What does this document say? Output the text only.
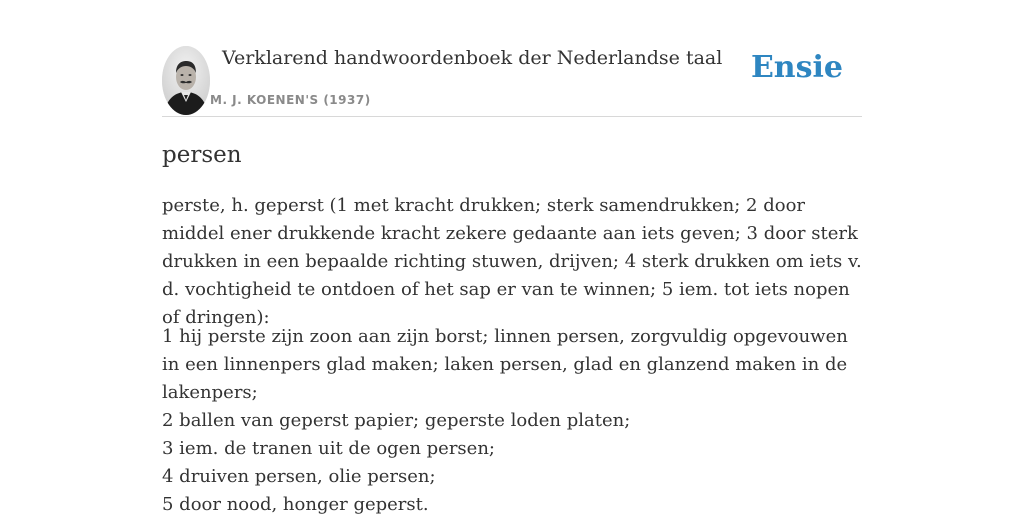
Verklarend handwoordenboek der Nederlandse taal
M. J. KOENEN'S (1937)
Ensie
persen

perste, h. geperst (1 met kracht drukken; sterk samendrukken; 2 door middel ener drukkende kracht zekere gedaante aan iets geven; 3 door sterk drukken in een bepaalde richting stuwen, drijven; 4 sterk drukken om iets v. d. vochtigheid te ontdoen of het sap er van te winnen; 5 iem. tot iets nopen of dringen):

1 hij perste zijn zoon aan zijn borst; linnen persen, zorgvuldig opgevouwen in een linnenpers glad maken; laken persen, glad en glanzend maken in de lakenpers;
2 ballen van geperst papier; geperste loden platen;
3 iem. de tranen uit de ogen persen;
4 druiven persen, olie persen;
5 door nood, honger geperst.
